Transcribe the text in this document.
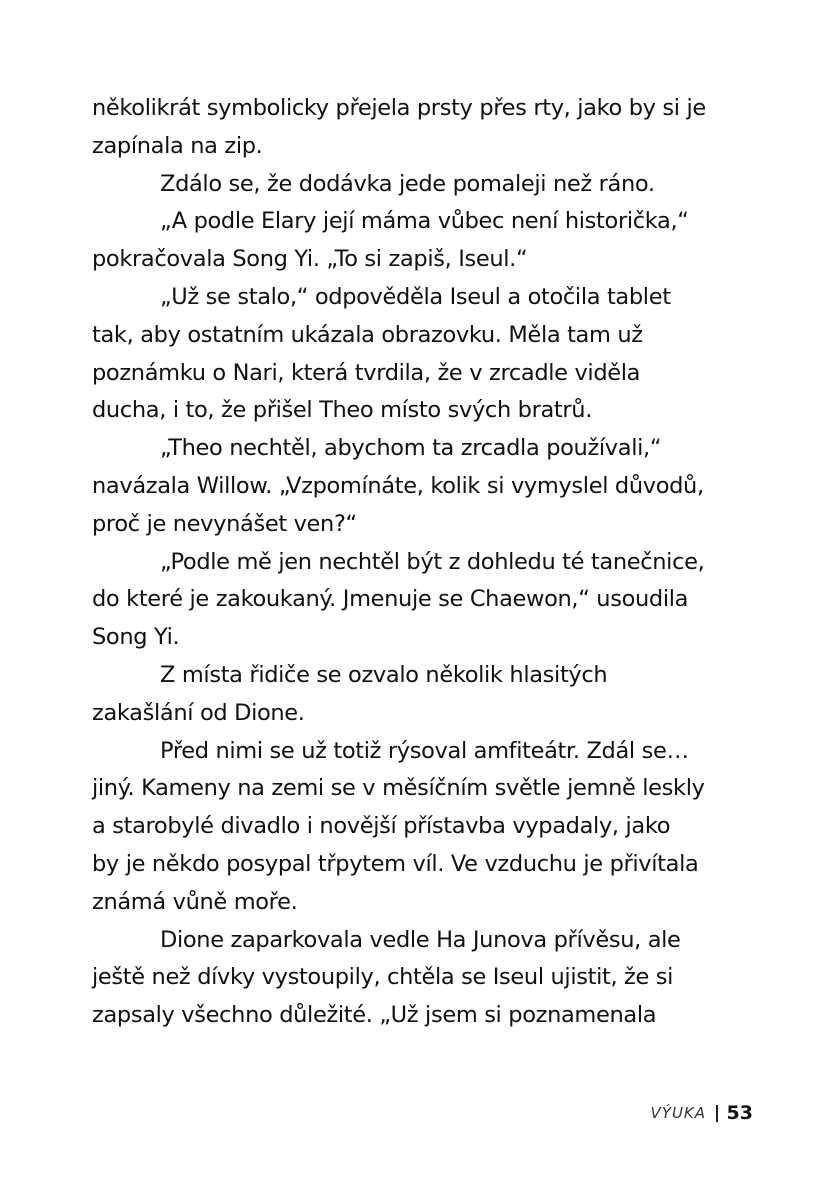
několikrát symbolicky přejela prsty přes rty, jako by si je
zapínala na zip.
Zdálo se, že dodávka jede pomaleji než ráno.
„A podle Elary její máma vůbec není historička,“
pokračovala Song Yi. „To si zapiš, Iseul.“
„Už se stalo,“ odpověděla Iseul a otočila tablet
tak, aby ostatním ukázala obrazovku. Měla tam už
poznámku o Nari, která tvrdila, že v zrcadle viděla
ducha, i to, že přišel Theo místo svých bratrů.
„Theo nechtěl, abychom ta zrcadla používali,“
navázala Willow. „Vzpomínáte, kolik si vymyslel důvodů,
proč je nevynášet ven?“
„Podle mě jen nechtěl být z dohledu té tanečnice,
do které je zakoukaný. Jmenuje se Chaewon,“ usoudila
Song Yi.
Z místa řidiče se ozvalo několik hlasitých
zakašlání od Dione.
Před nimi se už totiž rýsoval amfiteátr. Zdál se…
jiný. Kameny na zemi se v měsíčním světle jemně leskly
a starobylé divadlo i novější přístavba vypadaly, jako
by je někdo posypal třpytem víl. Ve vzduchu je přivítala
známá vůně moře.
Dione zaparkovala vedle Ha Junova přívěsu, ale
ještě než dívky vystoupily, chtěla se Iseul ujistit, že si
zapsaly všechno důležité. „Už jsem si poznamenala
VÝUKA 53
